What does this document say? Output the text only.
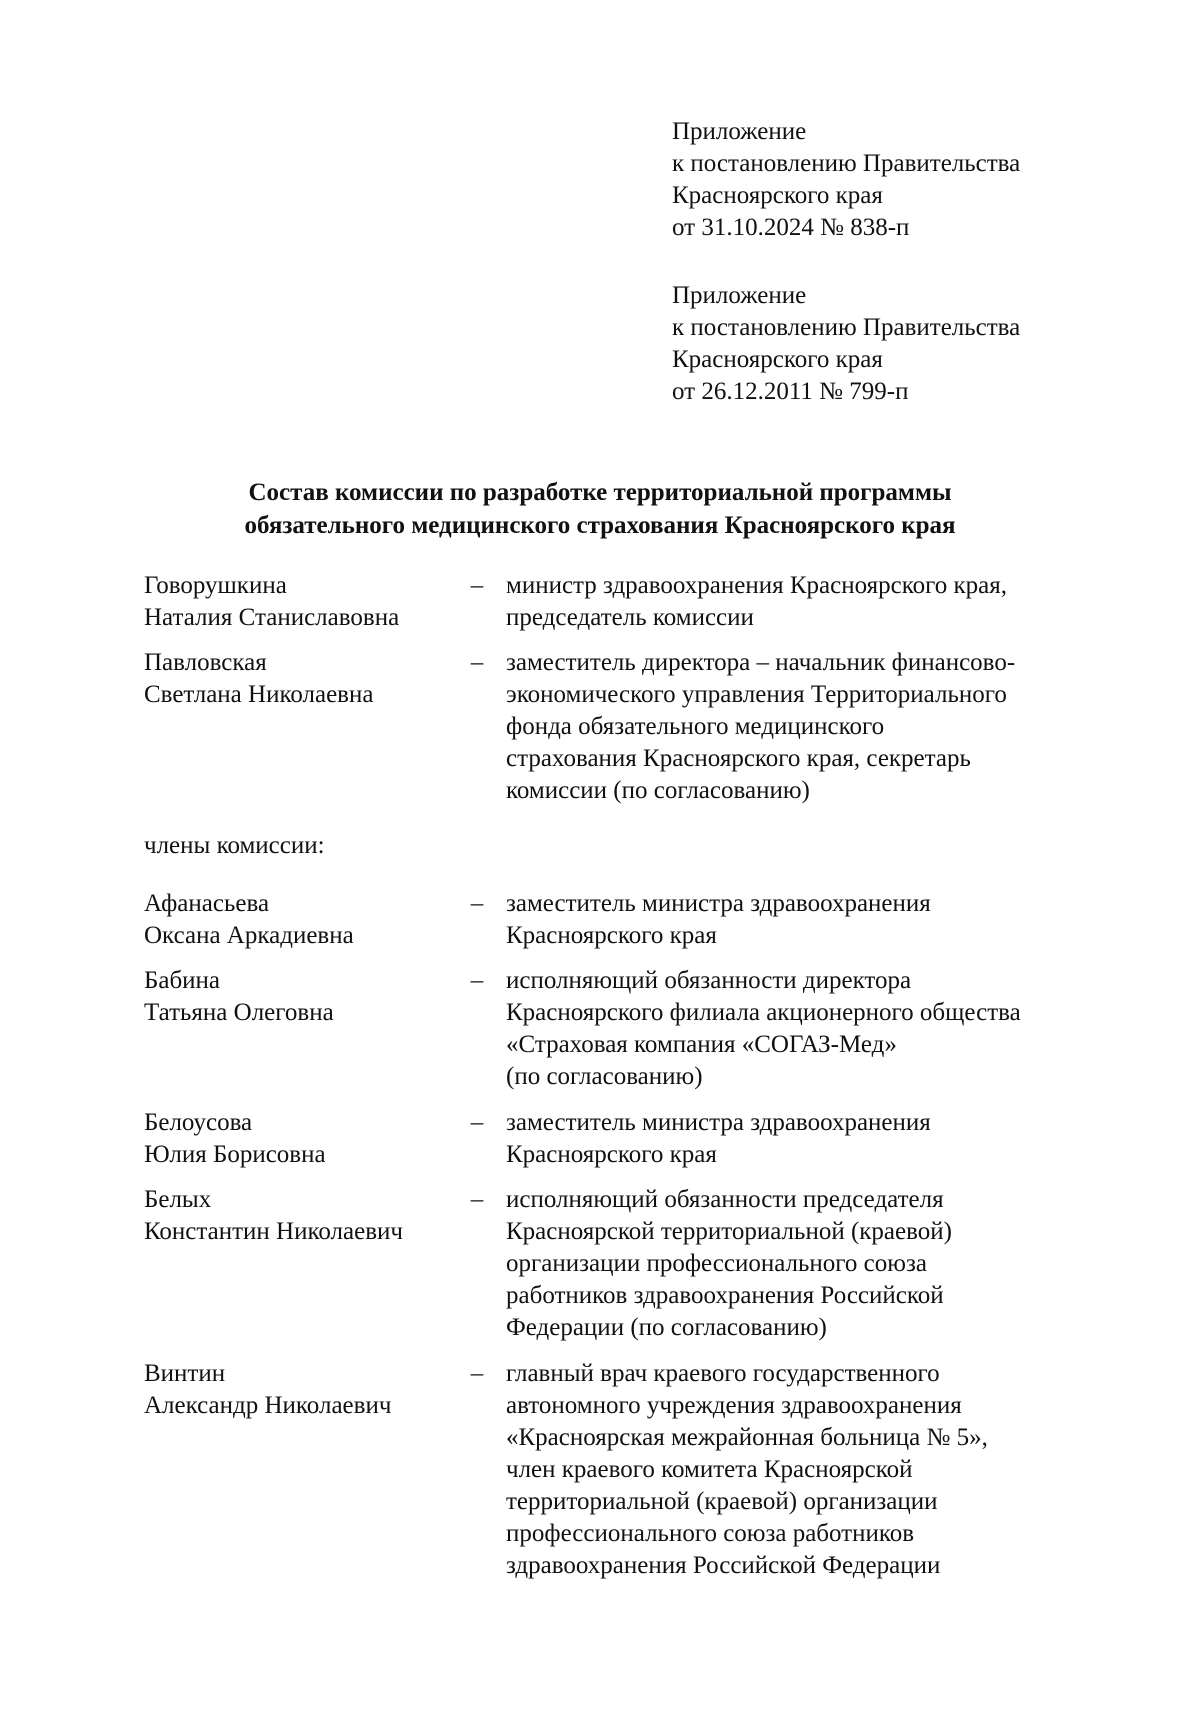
Приложение
к постановлению Правительства
Красноярского края
от 31.10.2024 № 838-п
Приложение
к постановлению Правительства
Красноярского края
от 26.12.2011 № 799-п
Состав комиссии по разработке территориальной программы
обязательного медицинского страхования Красноярского края
Говорушкина
Наталия Станиславовна
– министр здравоохранения Красноярского края,
председатель комиссии
Павловская
Светлана Николаевна
– заместитель директора – начальник финансово-
экономического управления Территориального
фонда обязательного медицинского
страхования Красноярского края, секретарь
комиссии (по согласованию)
члены комиссии:
Афанасьева
Оксана Аркадиевна
– заместитель министра здравоохранения
Красноярского края
Бабина
Татьяна Олеговна
– исполняющий обязанности директора
Красноярского филиала акционерного общества
«Страховая компания «СОГАЗ-Мед»
(по согласованию)
Белоусова
Юлия Борисовна
– заместитель министра здравоохранения
Красноярского края
Белых
Константин Николаевич
– исполняющий обязанности председателя
Красноярской территориальной (краевой)
организации профессионального союза
работников здравоохранения Российской
Федерации (по согласованию)
Винтин
Александр Николаевич
– главный врач краевого государственного
автономного учреждения здравоохранения
«Красноярская межрайонная больница № 5»,
член краевого комитета Красноярской
территориальной (краевой) организации
профессионального союза работников
здравоохранения Российской Федерации
